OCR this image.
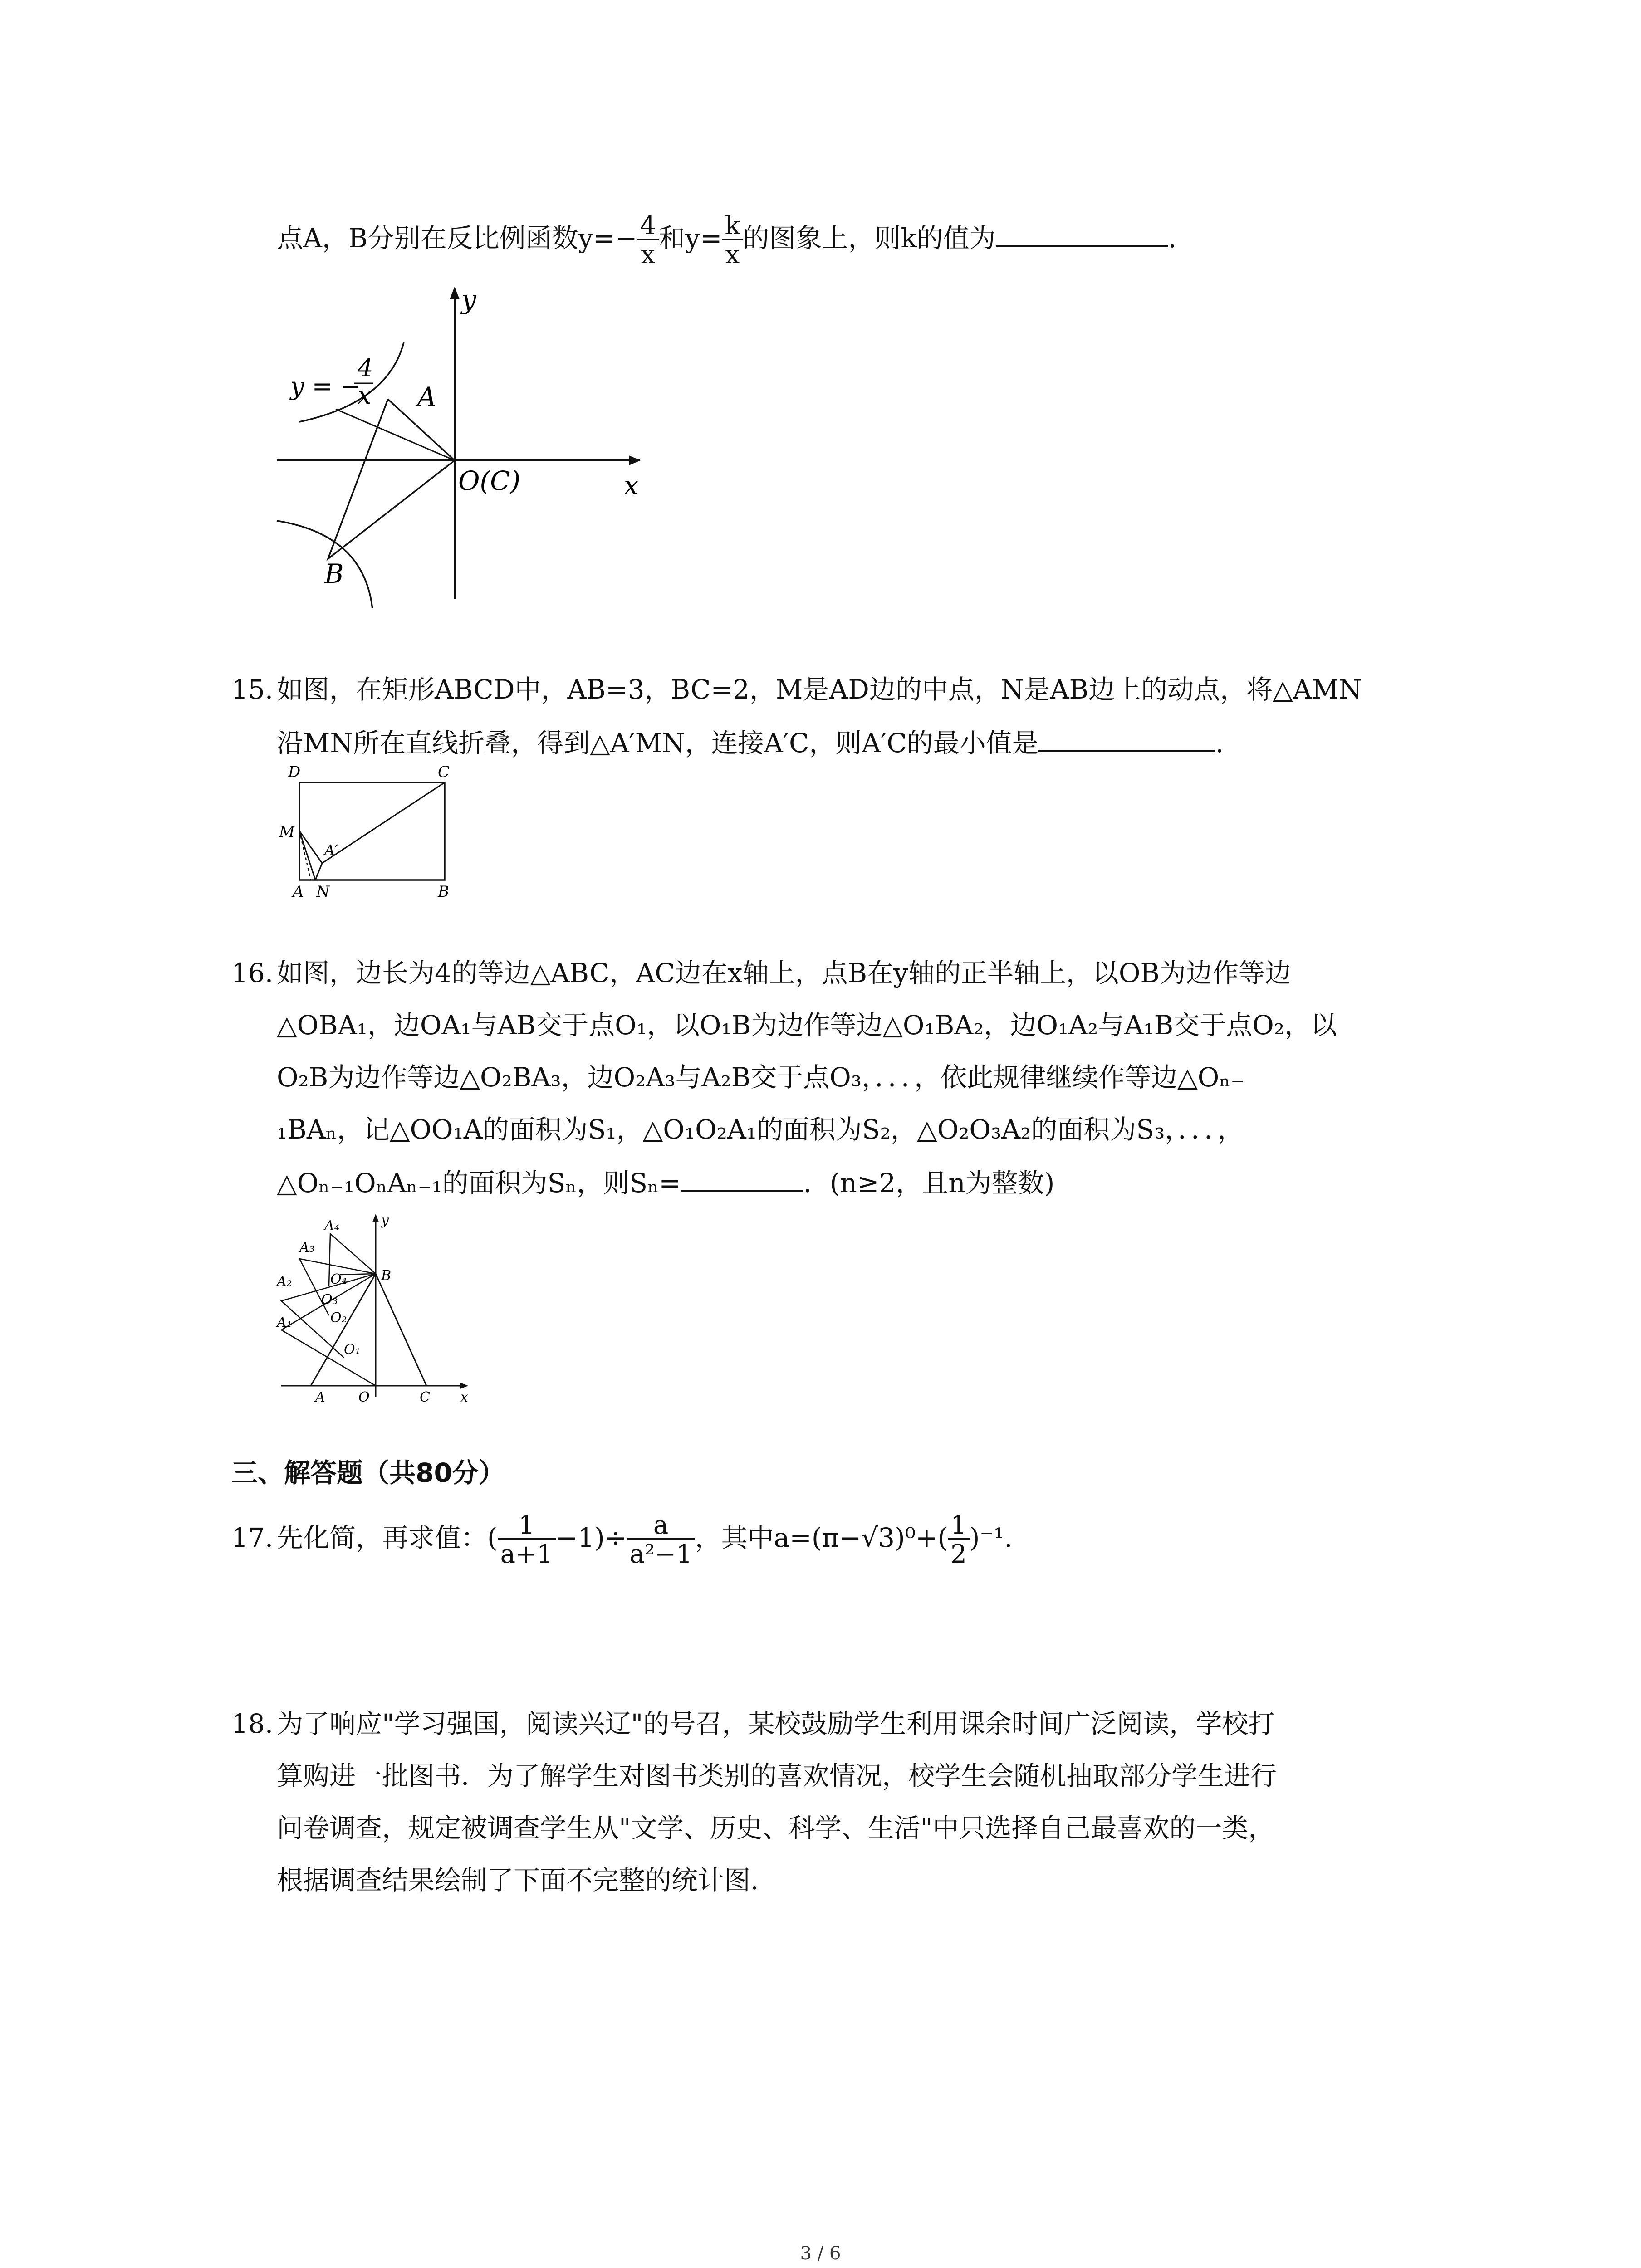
点A，B分别在反比例函数$y=- \frac{4}{x}$ 和$y= \frac{k}{x}$ 的图象上，则k的值为	.
y
x
A
B
O(C)
y = −
4
x
15. 如图，在矩形ABCD中，AB=3，BC=2，M是AD边的中点，N是AB边上的动点，将△AMN
沿MN所在直线折叠，得到△A′MN，连接A′C，则A′C的最小值是	.
D	C
M
A′
A N	B
16. 如图，边长为4的等边△ABC，AC边在x轴上，点B在y轴的正半轴上，以OB为边作等边
△OBA₁，边OA₁与AB交于点O₁，以O₁B为边作等边△O₁BA₂，边O₁A₂与A₁B交于点O₂，以
O₂B为边作等边△O₂BA₃，边O₂A₃与A₂B交于点O₃，．．．，依此规律继续作等边△Oₙ₋
₁BAₙ，记△OO₁A的面积为S₁，△O₁O₂A₁的面积为S₂，△O₂O₃A₂的面积为S₃，．．．，
△Oₙ₋₁OₙAₙ₋₁的面积为Sₙ，则Sₙ=	．(n≥2，且n为整数)
y
x
A₄
A₃
A₂
A₁
O₄
O₃
O₂
O₁
B
A O	C
三、解答题（共80分）
17. 先化简，再求值：( $\frac{1}{a+1} -1)\div \frac{a}{\text{a²−1}}$ ，其中$a=(\pi-√3)^0+( \frac{1}{2} )^{-1}$.
18. 为了响应"学习强国，阅读兴辽"的号召，某校鼓励学生利用课余时间广泛阅读，学校打
算购进一批图书．为了解学生对图书类别的喜欢情况，校学生会随机抽取部分学生进行
问卷调查，规定被调查学生从"文学、历史、科学、生活"中只选择自己最喜欢的一类，
根据调查结果绘制了下面不完整的统计图．
3 / 6
